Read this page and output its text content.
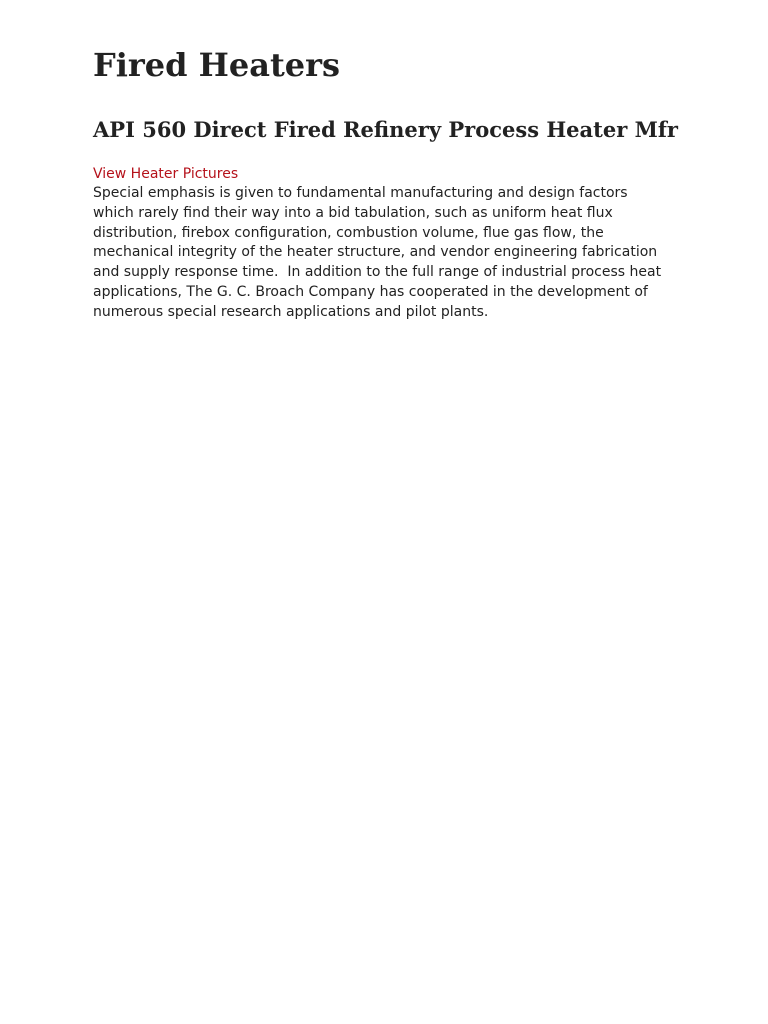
Fired Heaters
API 560 Direct Fired Refinery Process Heater Mfr
View Heater Pictures

Special emphasis is given to fundamental manufacturing and design factors
which rarely find their way into a bid tabulation, such as uniform heat flux
distribution, firebox configuration, combustion volume, flue gas flow, the
mechanical integrity of the heater structure, and vendor engineering fabrication
and supply response time.  In addition to the full range of industrial process heat
applications, The G. C. Broach Company has cooperated in the development of
numerous special research applications and pilot plants.
